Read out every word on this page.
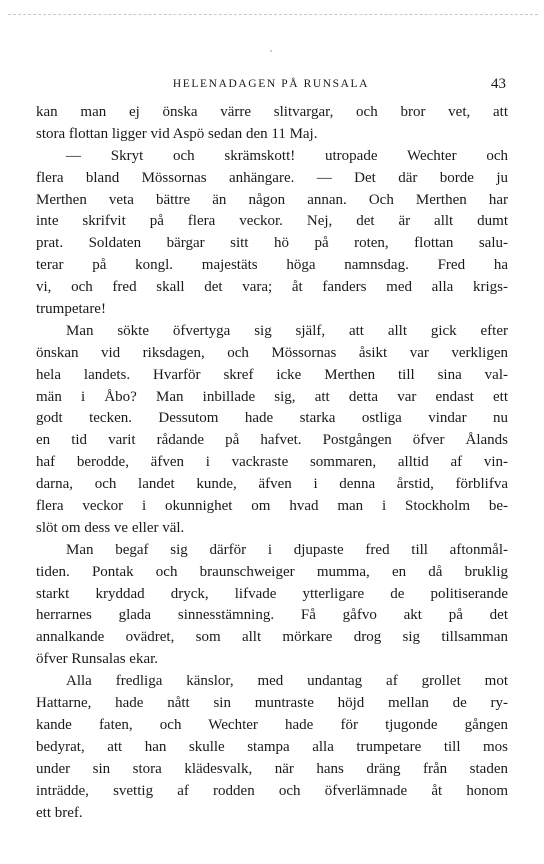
HELENADAGEN PÅ RUNSALA	43
kan man ej önska värre slitvargar, och bror vet, att
stora flottan ligger vid Aspö sedan den 11 Maj.
— Skryt och skrämskott! utropade Wechter och
flera bland Mössornas anhängare. — Det där borde ju
Merthen veta bättre än någon annan. Och Merthen har
inte skrifvit på flera veckor. Nej, det är allt dumt
prat. Soldaten bärgar sitt hö på roten, flottan salu-
terar på kongl. majestäts höga namnsdag. Fred ha
vi, och fred skall det vara; åt fanders med alla krigs-
trumpetare!
Man sökte öfvertyga sig själf, att allt gick efter
önskan vid riksdagen, och Mössornas åsikt var verkligen
hela landets. Hvarför skref icke Merthen till sina val-
män i Åbo? Man inbillade sig, att detta var endast ett
godt tecken. Dessutom hade starka ostliga vindar nu
en tid varit rådande på hafvet. Postgången öfver Ålands
haf berodde, äfven i vackraste sommaren, alltid af vin-
darna, och landet kunde, äfven i denna årstid, förblifva
flera veckor i okunnighet om hvad man i Stockholm be-
slöt om dess ve eller väl.
Man begaf sig därför i djupaste fred till aftonmål-
tiden. Pontak och braunschweiger mumma, en då bruklig
starkt kryddad dryck, lifvade ytterligare de politiserande
herrarnes glada sinnesstämning. Få gåfvo akt på det
annalkande ovädret, som allt mörkare drog sig tillsamman
öfver Runsalas ekar.
Alla fredliga känslor, med undantag af grollet mot
Hattarne, hade nått sin muntraste höjd mellan de ry-
kande faten, och Wechter hade för tjugonde gången
bedyrat, att han skulle stampa alla trumpetare till mos
under sin stora klädesvalk, när hans dräng från staden
inträdde, svettig af rodden och öfverlämnade åt honom
ett bref.
